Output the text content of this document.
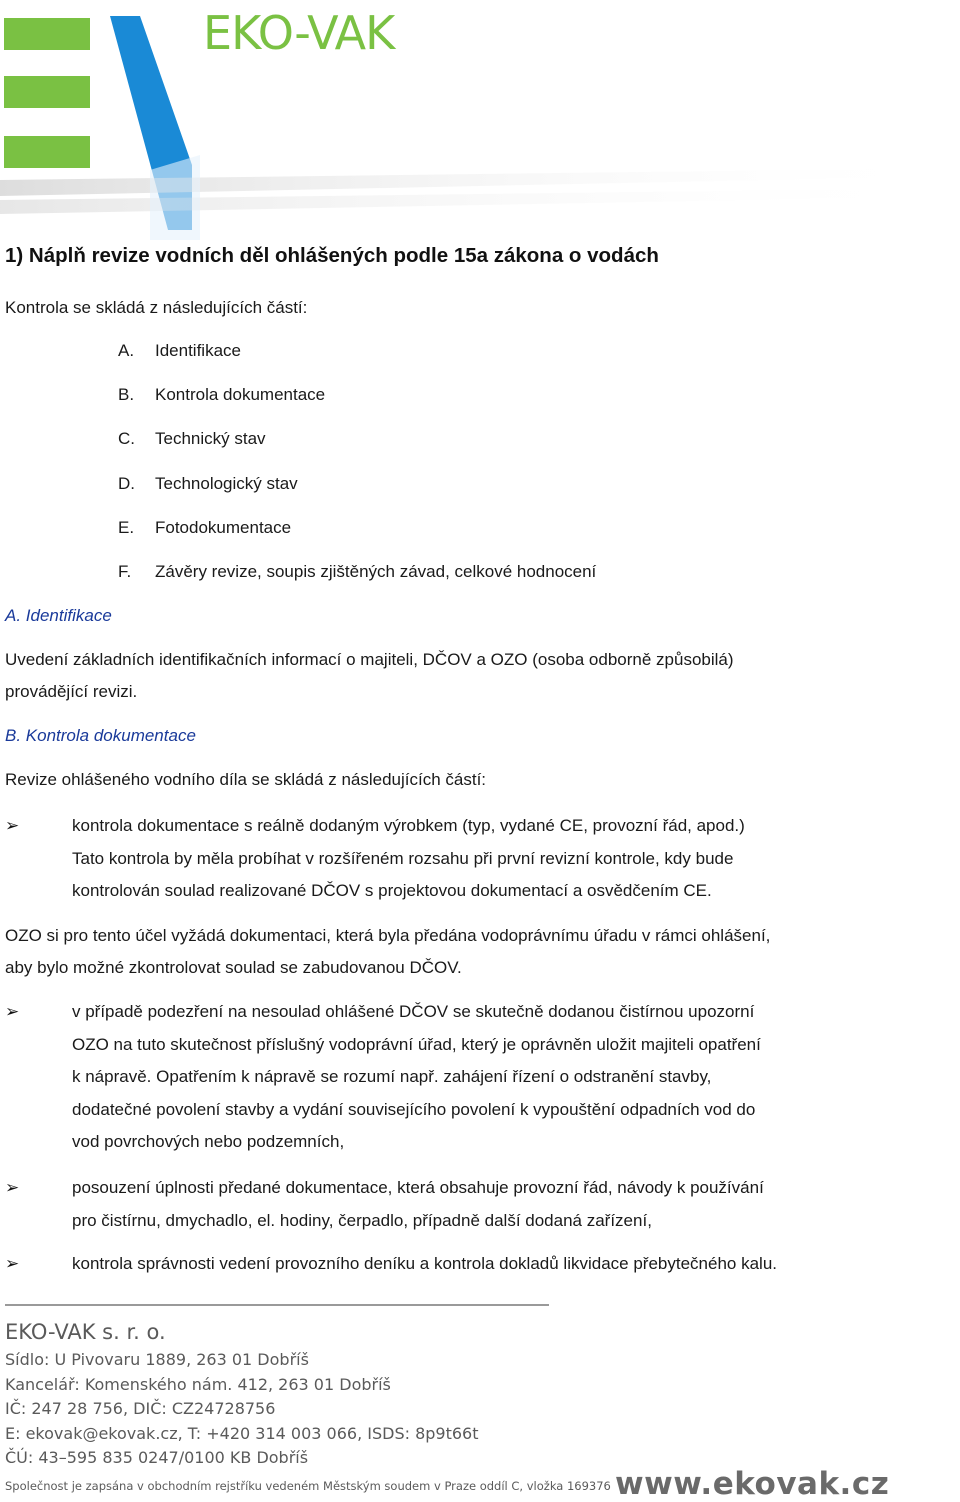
EKO-VAK
1) Náplň revize vodních děl ohlášených podle 15a zákona o vodách

Kontrola se skládá z následujících částí:

A. Identifikace
B. Kontrola dokumentace
C. Technický stav
D. Technologický stav
E. Fotodokumentace
F. Závěry revize, soupis zjištěných závad, celkové hodnocení

A. Identifikace

Uvedení základních identifikačních informací o majiteli, DČOV a OZO (osoba odborně způsobilá)

provádějící revizi.

B. Kontrola dokumentace

Revize ohlášeného vodního díla se skládá z následujících částí:

➢	kontrola dokumentace s reálně dodaným výrobkem (typ, vydané CE, provozní řád, apod.)

Tato kontrola by měla probíhat v rozšířeném rozsahu při první revizní kontrole, kdy bude

kontrolován soulad realizované DČOV s projektovou dokumentací a osvědčením CE.

OZO si pro tento účel vyžádá dokumentaci, která byla předána vodoprávnímu úřadu v rámci ohlášení,

aby bylo možné zkontrolovat soulad se zabudovanou DČOV.

➢	v případě podezření na nesoulad ohlášené DČOV se skutečně dodanou čistírnou upozorní

OZO na tuto skutečnost příslušný vodoprávní úřad, který je oprávněn uložit majiteli opatření

k nápravě. Opatřením k nápravě se rozumí např. zahájení řízení o odstranění stavby,

dodatečné povolení stavby a vydání souvisejícího povolení k vypouštění odpadních vod do

vod povrchových nebo podzemních,

➢	posouzení úplnosti předané dokumentace, která obsahuje provozní řád, návody k používání

pro čistírnu, dmychadlo, el. hodiny, čerpadlo, případně další dodaná zařízení,

➢	kontrola správnosti vedení provozního deníku a kontrola dokladů likvidace přebytečného kalu.

EKO-VAK s. r. o.
Sídlo: U Pivovaru 1889, 263 01 Dobříš
Kancelář: Komenského nám. 412, 263 01 Dobříš
IČ: 247 28 756, DIČ: CZ24728756
E: ekovak@ekovak.cz, T: +420 314 003 066, ISDS: 8p9t66t
ČÚ: 43–595 835 0247/0100 KB Dobříš
Společnost je zapsána v obchodním rejstříku vedeném Městským soudem v Praze oddíl C, vložka 169376 www.ekovak.cz
